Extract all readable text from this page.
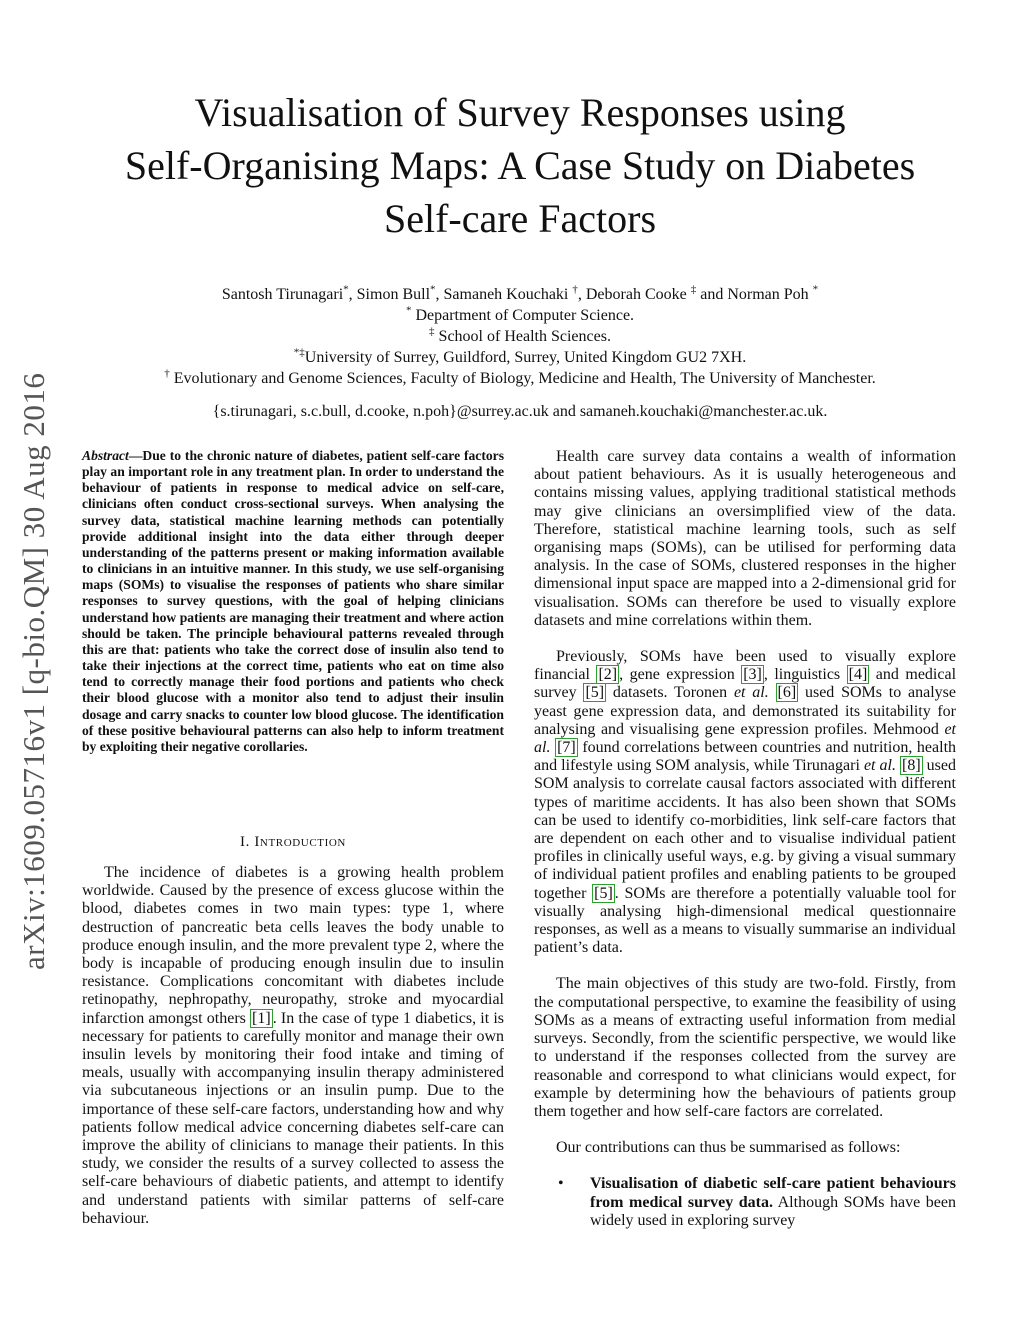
arXiv:1609.05716v1 [q-bio.QM] 30 Aug 2016
Visualisation of Survey Responses using
Self-Organising Maps: A Case Study on Diabetes
Self-care Factors
Santosh Tirunagari*, Simon Bull*, Samaneh Kouchaki †, Deborah Cooke ‡ and Norman Poh *
* Department of Computer Science.
‡ School of Health Sciences.
*‡University of Surrey, Guildford, Surrey, United Kingdom GU2 7XH.
† Evolutionary and Genome Sciences, Faculty of Biology, Medicine and Health, The University of Manchester.
{s.tirunagari, s.c.bull, d.cooke, n.poh}@surrey.ac.uk and samaneh.kouchaki@manchester.ac.uk.
Abstract—Due to the chronic nature of diabetes, patient self-care factors play an important role in any treatment plan. In order to understand the behaviour of patients in response to medical advice on self-care, clinicians often conduct cross-sectional surveys. When analysing the survey data, statistical machine learning methods can potentially provide additional insight into the data either through deeper understanding of the patterns present or making information available to clinicians in an intuitive manner. In this study, we use self-organising maps (SOMs) to visualise the responses of patients who share similar responses to survey questions, with the goal of helping clinicians understand how patients are managing their treatment and where action should be taken. The principle behavioural patterns revealed through this are that: patients who take the correct dose of insulin also tend to take their injections at the correct time, patients who eat on time also tend to correctly manage their food portions and patients who check their blood glucose with a monitor also tend to adjust their insulin dosage and carry snacks to counter low blood glucose. The identification of these positive behavioural patterns can also help to inform treatment by exploiting their negative corollaries.
I. Introduction

The incidence of diabetes is a growing health problem worldwide. Caused by the presence of excess glucose within the blood, diabetes comes in two main types: type 1, where destruction of pancreatic beta cells leaves the body unable to produce enough insulin, and the more prevalent type 2, where the body is incapable of producing enough insulin due to insulin resistance. Complications concomitant with diabetes include retinopathy, nephropathy, neuropathy, stroke and myocardial infarction amongst others [1] . In the case of type 1 diabetics, it is necessary for patients to carefully monitor and manage their own insulin levels by monitoring their food intake and timing of meals, usually with accompanying insulin therapy administered via subcutaneous injections or an insulin pump. Due to the importance of these self-care factors, understanding how and why patients follow medical advice concerning diabetes self-care can improve the ability of clinicians to manage their patients. In this study, we consider the results of a survey collected to assess the self-care behaviours of diabetic patients, and attempt to identify and understand patients with similar patterns of self-care behaviour.

Health care survey data contains a wealth of information about patient behaviours. As it is usually heterogeneous and contains missing values, applying traditional statistical methods may give clinicians an oversimplified view of the data. Therefore, statistical machine learning tools, such as self organising maps (SOMs), can be utilised for performing data analysis. In the case of SOMs, clustered responses in the higher dimensional input space are mapped into a 2-dimensional grid for visualisation. SOMs can therefore be used to visually explore datasets and mine correlations within them.

Previously, SOMs have been used to visually explore financial [2] , gene expression [3] , linguistics [4] and medical survey [5] datasets. Toronen et al. [6] used SOMs to analyse yeast gene expression data, and demonstrated its suitability for analysing and visualising gene expression profiles. Mehmood et al. [7] found correlations between countries and nutrition, health and lifestyle using SOM analysis, while Tirunagari et al. [8] used SOM analysis to correlate causal factors associated with different types of maritime accidents. It has also been shown that SOMs can be used to identify co-morbidities, link self-care factors that are dependent on each other and to visualise individual patient profiles in clinically useful ways, e.g. by giving a visual summary of individual patient profiles and enabling patients to be grouped together [5] . SOMs are therefore a potentially valuable tool for visually analysing high-dimensional medical questionnaire responses, as well as a means to visually summarise an individual patient’s data.

The main objectives of this study are two-fold. Firstly, from the computational perspective, to examine the feasibility of using SOMs as a means of extracting useful information from medial surveys. Secondly, from the scientific perspective, we would like to understand if the responses collected from the survey are reasonable and correspond to what clinicians would expect, for example by determining how the behaviours of patients group them together and how self-care factors are correlated.

Our contributions can thus be summarised as follows:

• Visualisation of diabetic self-care patient behaviours from medical survey data. Although SOMs have been widely used in exploring survey
